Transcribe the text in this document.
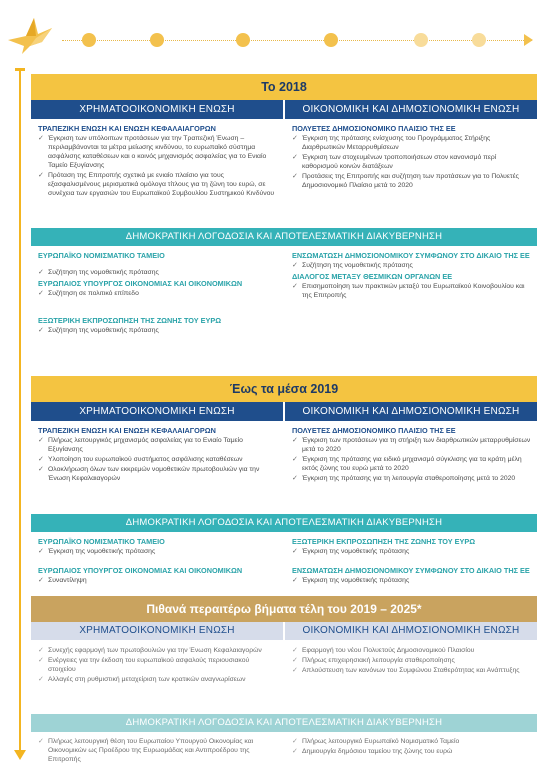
Το 2018
ΧΡΗΜΑΤΟΟΙΚΟΝΟΜΙΚΗ ΕΝΩΣΗ	ΟΙΚΟΝΟΜΙΚΗ ΚΑΙ ΔΗΜΟΣΙΟΝΟΜΙΚΗ ΕΝΩΣΗ
ΤΡΑΠΕΖΙΚΗ ΕΝΩΣΗ ΚΑΙ ΕΝΩΣΗ ΚΕΦΑΛΑΙΑΓΟΡΩΝ
✓ Έγκριση των υπόλοιπων προτάσεων για την Τραπεζική Ένωση – περιλαμβάνονται τα μέτρα μείωσης κινδύνου, το ευρωπαϊκό σύστημα ασφάλισης καταθέσεων και ο κοινός μηχανισμός ασφαλείας για το Ενιαίο Ταμείο Εξυγίανσης
✓ Πρόταση της Επιτροπής σχετικά με ενιαίο πλαίσιο για τους εξασφαλισμένους μερισματικά ομόλογα τίτλους για τη ζώνη του ευρώ, σε συνέχεια των εργασιών του Ευρωπαϊκού Συμβουλίου Συστημικού Κινδύνου
ΠΟΛΥΕΤΕΣ ΔΗΜΟΣΙΟΝΟΜΙΚΟ ΠΛΑΙΣΙΟ ΤΗΣ ΕΕ
✓ Έγκριση της πρότασης ενίσχυσης του Προγράμματος Στήριξης Διαρθρωτικών Μεταρρυθμίσεων
✓ Έγκριση των στοχευμένων τροποποιήσεων στον κανονισμό περί καθορισμού κοινών διατάξεων
✓ Προτάσεις της Επιτροπής και συζήτηση των προτάσεων για το Πολυετές Δημοσιονομικό Πλαίσιο μετά το 2020
ΔΗΜΟΚΡΑΤΙΚΗ ΛΟΓΟΔΟΣΙΑ ΚΑΙ ΑΠΟΤΕΛΕΣΜΑΤΙΚΗ ΔΙΑΚΥΒΕΡΝΗΣΗ
ΕΥΡΩΠΑΪΚΟ ΝΟΜΙΣΜΑΤΙΚΟ ΤΑΜΕΙΟ
✓ Συζήτηση της νομοθετικής πρότασης
ΕΥΡΩΠΑΙΟΣ ΥΠΟΥΡΓΟΣ ΟΙΚΟΝΟΜΙΑΣ ΚΑΙ ΟΙΚΟΝΟΜΙΚΩΝ
✓ Συζήτηση σε πολιτικό επίπεδο
ΕΞΩΤΕΡΙΚΗ ΕΚΠΡΟΣΩΠΗΣΗ ΤΗΣ ΖΩΝΗΣ ΤΟΥ ΕΥΡΩ
✓ Συζήτηση της νομοθετικής πρότασης
ΕΝΣΩΜΑΤΩΣΗ ΔΗΜΟΣΙΟΝΟΜΙΚΟΥ ΣΥΜΦΩΝΟΥ ΣΤΟ ΔΙΚΑΙΟ ΤΗΣ ΕΕ
✓ Συζήτηση της νομοθετικής πρότασης
ΔΙΑΛΟΓΟΣ ΜΕΤΑΞΥ ΘΕΣΜΙΚΩΝ ΟΡΓΑΝΩΝ ΕΕ
✓ Επισημοποίηση των πρακτικών μεταξύ του Ευρωπαϊκού Κοινοβουλίου και της Επιτροπής
Έως τα μέσα 2019
ΧΡΗΜΑΤΟΟΙΚΟΝΟΜΙΚΗ ΕΝΩΣΗ	ΟΙΚΟΝΟΜΙΚΗ ΚΑΙ ΔΗΜΟΣΙΟΝΟΜΙΚΗ ΕΝΩΣΗ
ΤΡΑΠΕΖΙΚΗ ΕΝΩΣΗ ΚΑΙ ΕΝΩΣΗ ΚΕΦΑΛΑΙΑΓΟΡΩΝ
✓ Πλήρως λειτουργικός μηχανισμός ασφαλείας για το Ενιαίο Ταμείο Εξυγίανσης
✓ Υλοποίηση του ευρωπαϊκού συστήματος ασφάλισης καταθέσεων
✓ Ολοκλήρωση όλων των εκκρεμών νομοθετικών πρωτοβουλιών για την Ένωση Κεφαλαιαγορών
ΠΟΛΥΕΤΕΣ ΔΗΜΟΣΙΟΝΟΜΙΚΟ ΠΛΑΙΣΙΟ ΤΗΣ ΕΕ
✓ Έγκριση των προτάσεων για τη στήριξη των διαρθρωτικών μεταρρυθμίσεων μετά το 2020
✓ Έγκριση της πρότασης για ειδικό μηχανισμό σύγκλισης για τα κράτη μέλη εκτός ζώνης του ευρώ μετά το 2020
✓ Έγκριση της πρότασης για τη λειτουργία σταθεροποίησης μετά το 2020
ΔΗΜΟΚΡΑΤΙΚΗ ΛΟΓΟΔΟΣΙΑ ΚΑΙ ΑΠΟΤΕΛΕΣΜΑΤΙΚΗ ΔΙΑΚΥΒΕΡΝΗΣΗ
ΕΥΡΩΠΑΪΚΟ ΝΟΜΙΣΜΑΤΙΚΟ ΤΑΜΕΙΟ
✓ Έγκριση της νομοθετικής πρότασης
ΕΥΡΩΠΑΙΟΣ ΥΠΟΥΡΓΟΣ ΟΙΚΟΝΟΜΙΑΣ ΚΑΙ ΟΙΚΟΝΟΜΙΚΩΝ
✓ Συναντίληψη
ΕΞΩΤΕΡΙΚΗ ΕΚΠΡΟΣΩΠΗΣΗ ΤΗΣ ΖΩΝΗΣ ΤΟΥ ΕΥΡΩ
✓ Έγκριση της νομοθετικής πρότασης
ΕΝΣΩΜΑΤΩΣΗ ΔΗΜΟΣΙΟΝΟΜΙΚΟΥ ΣΥΜΦΩΝΟΥ ΣΤΟ ΔΙΚΑΙΟ ΤΗΣ ΕΕ
✓ Έγκριση της νομοθετικής πρότασης
Πιθανά περαιτέρω βήματα τέλη του 2019 – 2025*
ΧΡΗΜΑΤΟΟΙΚΟΝΟΜΙΚΗ ΕΝΩΣΗ	ΟΙΚΟΝΟΜΙΚΗ ΚΑΙ ΔΗΜΟΣΙΟΝΟΜΙΚΗ ΕΝΩΣΗ
✓ Συνεχής εφαρμογή των πρωτοβουλιών για την Ένωση Κεφαλαιαγορών
✓ Ενέργειες για την έκδοση του ευρωπαϊκού ασφαλούς περιουσιακού στοιχείου
✓ Αλλαγές στη ρυθμιστική μεταχείριση των κρατικών αναγνωρίσεων
✓ Εφαρμογή του νέου Πολυετούς Δημοσιονομικού Πλαισίου
✓ Πλήρως επιχειρησιακή λειτουργία σταθεροποίησης
✓ Απλούστευση των κανόνων του Συμφώνου Σταθερότητας και Ανάπτυξης
ΔΗΜΟΚΡΑΤΙΚΗ ΛΟΓΟΔΟΣΙΑ ΚΑΙ ΑΠΟΤΕΛΕΣΜΑΤΙΚΗ ΔΙΑΚΥΒΕΡΝΗΣΗ
✓ Πλήρως λειτουργική θέση του Ευρωπαίου Υπουργού Οικονομίας και Οικονομικών ως Προέδρου της Ευρωομάδας και Αντιπροέδρου της Επιτροπής
✓ Πλήρως λειτουργικό Ευρωπαϊκό Νομισματικό Ταμείο
✓ Δημιουργία δημόσιου ταμείου της ζώνης του ευρώ
